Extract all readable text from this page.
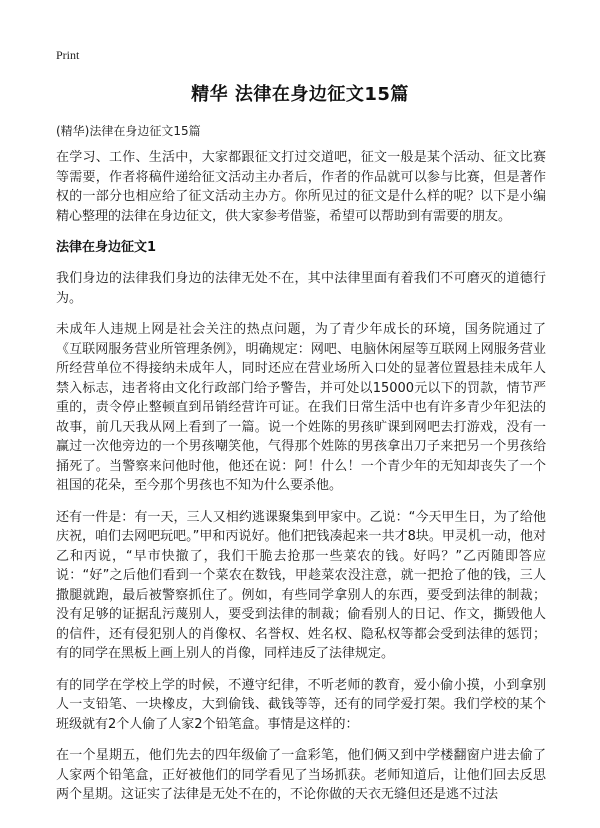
Print
精华 法律在身边征文15篇
(精华)法律在身边征文15篇

在学习、工作、生活中，大家都跟征文打过交道吧，征文一般是某个活动、征文比赛等需要，作者将稿件递给征文活动主办者后，作者的作品就可以参与比赛，但是著作权的一部分也相应给了征文活动主办方。你所见过的征文是什么样的呢？以下是小编精心整理的法律在身边征文，供大家参考借鉴，希望可以帮助到有需要的朋友。

法律在身边征文1

我们身边的法律我们身边的法律无处不在，其中法律里面有着我们不可磨灭的道德行为。

未成年人违规上网是社会关注的热点问题，为了青少年成长的环境，国务院通过了《互联网服务营业所管理条例》，明确规定：网吧、电脑休闲屋等互联网上网服务营业所经营单位不得接纳未成年人，同时还应在营业场所入口处的显著位置悬挂未成年人禁入标志，违者将由文化行政部门给予警告，并可处以15000元以下的罚款，情节严重的，责令停止整顿直到吊销经营许可证。在我们日常生活中也有许多青少年犯法的故事，前几天我从网上看到了一篇。说一个姓陈的男孩旷课到网吧去打游戏，没有一赢过一次他旁边的一个男孩嘲笑他，气得那个姓陈的男孩拿出刀子来把另一个男孩给捅死了。当警察来问他时他，他还在说：阿！什么！一个青少年的无知却丧失了一个祖国的花朵，至今那个男孩也不知为什么要杀他。

还有一件是：有一天，三人又相约逃课聚集到甲家中。乙说：“今天甲生日，为了给他庆祝，咱们去网吧玩吧。”甲和丙说好。他们把钱凑起来一共才8块。甲灵机一动，他对乙和丙说，“早市快撤了，我们干脆去抢那一些菜农的钱。好吗？”乙丙随即答应说：“好”之后他们看到一个菜农在数钱，甲趁菜农没注意，就一把抢了他的钱，三人撒腿就跑，最后被警察抓住了。例如，有些同学拿别人的东西，要受到法律的制裁；没有足够的证据乱污蔑别人，要受到法律的制裁；偷看别人的日记、作文，撕毁他人的信件，还有侵犯别人的肖像权、名誉权、姓名权、隐私权等都会受到法律的惩罚；有的同学在黑板上画上别人的肖像，同样违反了法律规定。

有的同学在学校上学的时候，不遵守纪律，不听老师的教育，爱小偷小摸，小到拿别人一支铅笔、一块橡皮，大到偷钱、截钱等等，还有的同学爱打架。我们学校的某个班级就有2个人偷了人家2个铅笔盒。事情是这样的：

在一个星期五，他们先去的四年级偷了一盒彩笔，他们俩又到中学楼翻窗户进去偷了人家两个铅笔盒，正好被他们的同学看见了当场抓获。老师知道后，让他们回去反思两个星期。这证实了法律是无处不在的，不论你做的天衣无缝但还是逃不过法
